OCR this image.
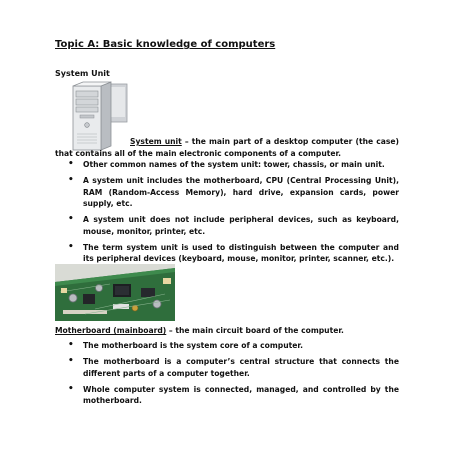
Topic A: Basic knowledge of computers
System Unit

System unit – the main part of a desktop computer (the case) that contains all of the main electronic components of a computer.

• Other common names of the system unit: tower, chassis, or main unit.
• A system unit includes the motherboard, CPU (Central Processing Unit), RAM (Random-Access Memory), hard drive, expansion cards, power supply, etc.
• A system unit does not include peripheral devices, such as keyboard, mouse, monitor, printer, etc.
• The term system unit is used to distinguish between the computer and its peripheral devices (keyboard, mouse, monitor, printer, scanner, etc.).

Motherboard (mainboard) – the main circuit board of the computer.

• The motherboard is the system core of a computer.
• The motherboard is a computer’s central structure that connects the different parts of a computer together.
• Whole computer system is connected, managed, and controlled by the motherboard.
